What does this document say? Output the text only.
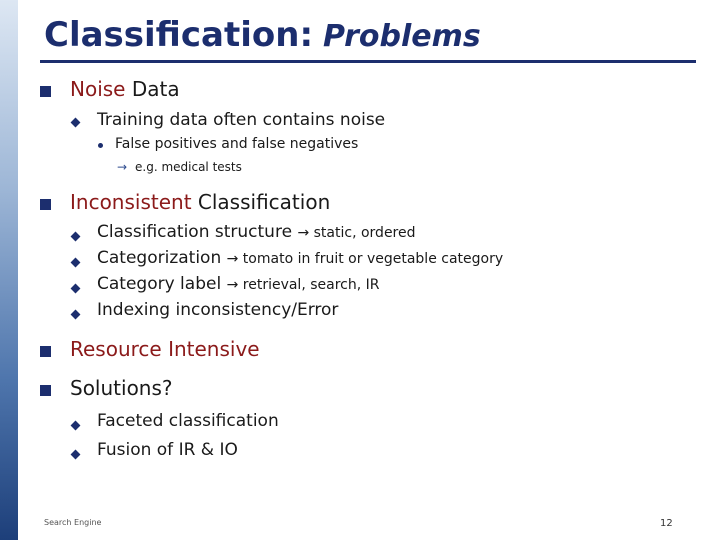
Classification: Problems
Noise Data
Training data often contains noise
False positives and false negatives
→ e.g. medical tests
Inconsistent Classification
Classification structure → static, ordered
Categorization → tomato in fruit or vegetable category
Category label → retrieval, search, IR
Indexing inconsistency/Error
Resource Intensive
Solutions?
Faceted classification
Fusion of IR & IO
Search Engine	12
